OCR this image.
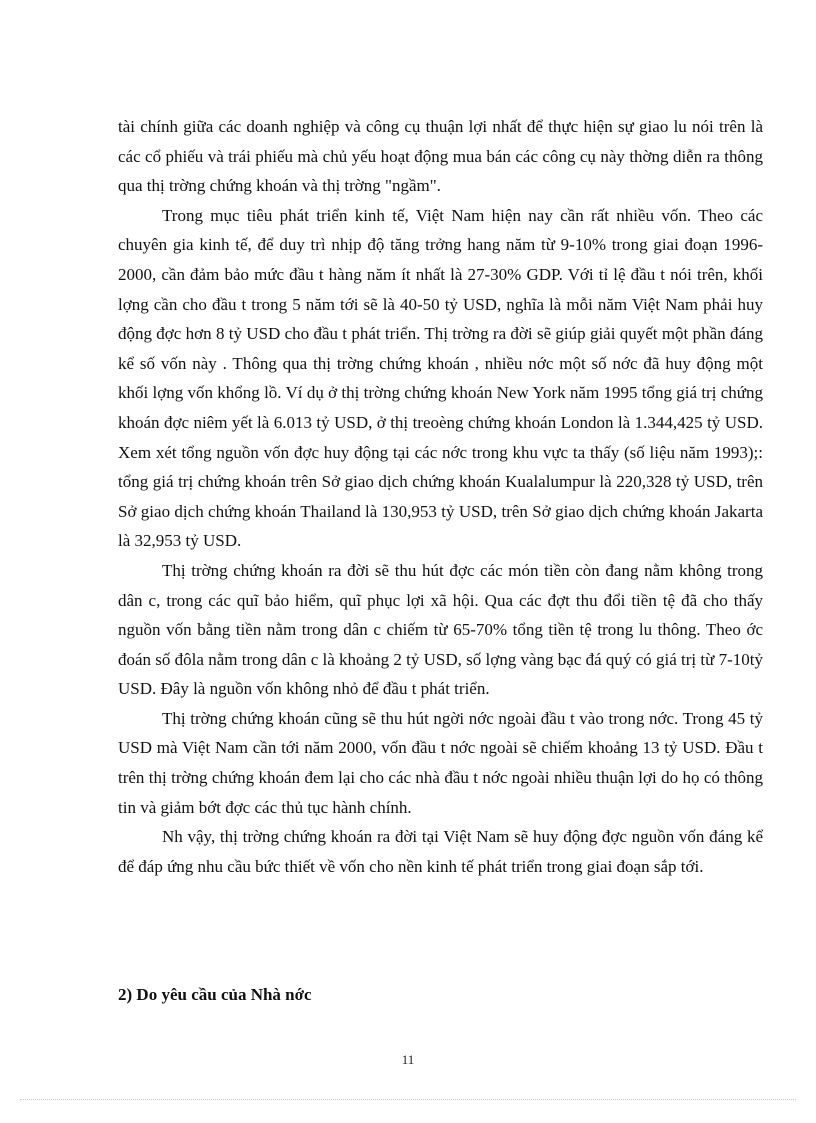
tài chính giữa các doanh nghiệp và công cụ thuận lợi nhất để thực hiện sự giao lu nói trên là các cổ phiếu và trái phiếu mà chủ yếu hoạt động mua bán các công cụ này thờng diễn ra thông qua thị trờng chứng khoán và thị trờng "ngầm".

Trong mục tiêu phát triển kinh tế, Việt Nam hiện nay cần rất nhiều vốn. Theo các chuyên gia kinh tế, để duy trì nhịp độ tăng trởng hang năm từ 9-10% trong giai đoạn 1996-2000, cần đảm bảo mức đầu t hàng năm ít nhất là 27-30% GDP. Với tỉ lệ đầu t nói trên, khối lợng cần cho đầu t trong 5 năm tới sẽ là 40-50 tỷ USD, nghĩa là mỗi năm Việt Nam phải huy động đợc hơn 8 tỷ USD cho đầu t phát triển. Thị trờng ra đời sẽ giúp giải quyết một phần đáng kể số vốn này . Thông qua thị trờng chứng khoán , nhiều nớc một số nớc đã huy động một khối lợng vốn khổng lồ. Ví dụ ở thị trờng chứng khoán New York năm 1995 tổng giá trị chứng khoán đợc niêm yết là 6.013 tỷ USD, ở thị treoèng chứng khoán London là 1.344,425 tỷ USD. Xem xét tổng nguồn vốn đợc huy động tại các nớc trong khu vực ta thấy (số liệu năm 1993);: tổng giá trị chứng khoán trên Sở giao dịch chứng khoán Kualalumpur là 220,328 tỷ USD, trên Sở giao dịch chứng khoán Thailand là 130,953 tỷ USD, trên Sở giao dịch chứng khoán Jakarta là 32,953 tỷ USD.

Thị trờng chứng khoán ra đời sẽ thu hút đợc các món tiền còn đang nằm không trong dân c, trong các quĩ bảo hiểm, quĩ phục lợi xã hội. Qua các đợt thu đổi tiền tệ đã cho thấy nguồn vốn bằng tiền nằm trong dân c chiếm từ 65-70% tổng tiền tệ trong lu thông. Theo ớc đoán số đôla nằm trong dân c là khoảng 2 tỷ USD, số lợng vàng bạc đá quý có giá trị từ 7-10tỷ USD. Đây là nguồn vốn không nhỏ để đầu t phát triển.

Thị trờng chứng khoán cũng sẽ thu hút ngời nớc ngoài đầu t vào trong nớc. Trong 45 tỷ USD mà Việt Nam cần tới năm 2000, vốn đầu t nớc ngoài sẽ chiếm khoảng 13 tỷ USD. Đầu t trên thị trờng chứng khoán đem lại cho các nhà đầu t nớc ngoài nhiều thuận lợi do họ có thông tin và giảm bớt đợc các thủ tục hành chính.

Nh vậy, thị trờng chứng khoán ra đời tại Việt Nam sẽ huy động đợc nguồn vốn đáng kể để đáp ứng nhu cầu bức thiết về vốn cho nền kinh tế phát triển trong giai đoạn sắp tới.

2) Do yêu cầu của Nhà nớc
11
